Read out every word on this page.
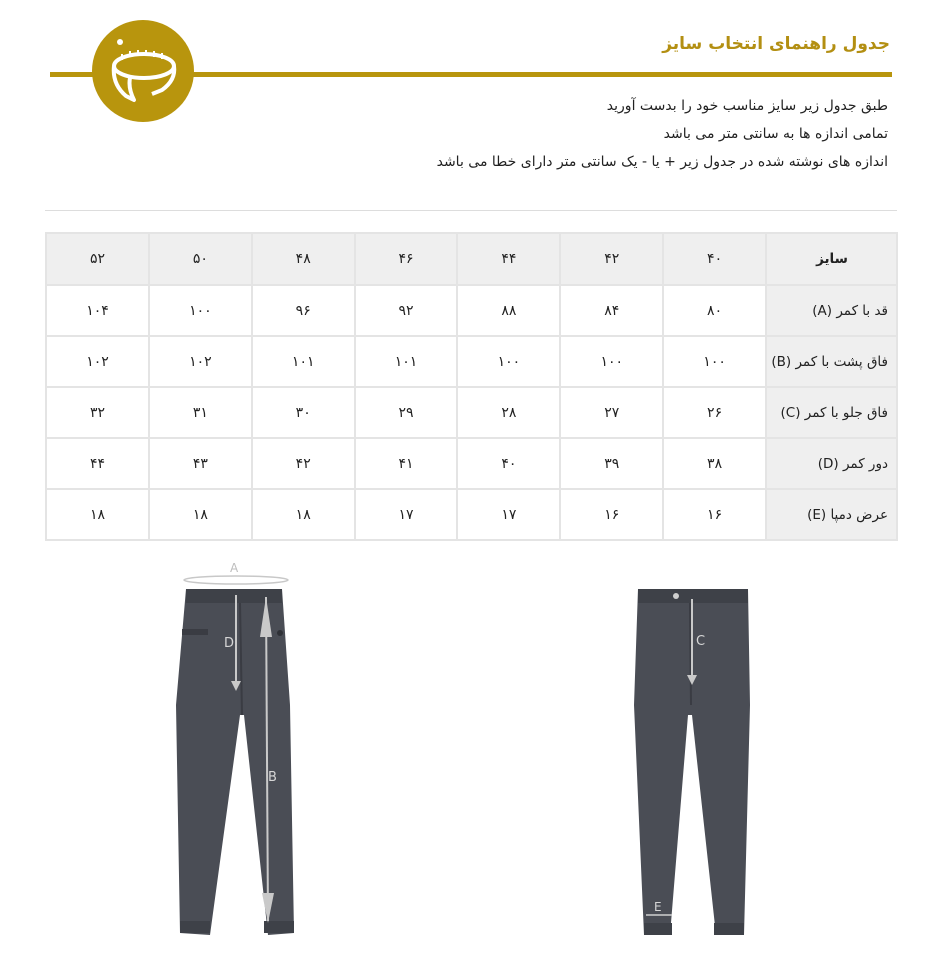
جدول راهنمای انتخاب سایز
طبق جدول زیر سایز مناسب خود را بدست آورید
تمامی اندازه ها به سانتی متر می باشد
اندازه های نوشته شده در جدول زیر + یا - یک سانتی متر دارای خطا می باشد
سایز	۴۰	۴۲	۴۴	۴۶	۴۸	۵۰	۵۲
قد با کمر (A)	۸۰	۸۴	۸۸	۹۲	۹۶	۱۰۰	۱۰۴
فاق پشت با کمر (B)	۱۰۰	۱۰۰	۱۰۰	۱۰۱	۱۰۱	۱۰۲	۱۰۲
فاق جلو با کمر (C)	۲۶	۲۷	۲۸	۲۹	۳۰	۳۱	۳۲
دور کمر (D)	۳۸	۳۹	۴۰	۴۱	۴۲	۴۳	۴۴
عرض دمپا (E)	۱۶	۱۶	۱۷	۱۷	۱۸	۱۸	۱۸
A
D
B
C
E
